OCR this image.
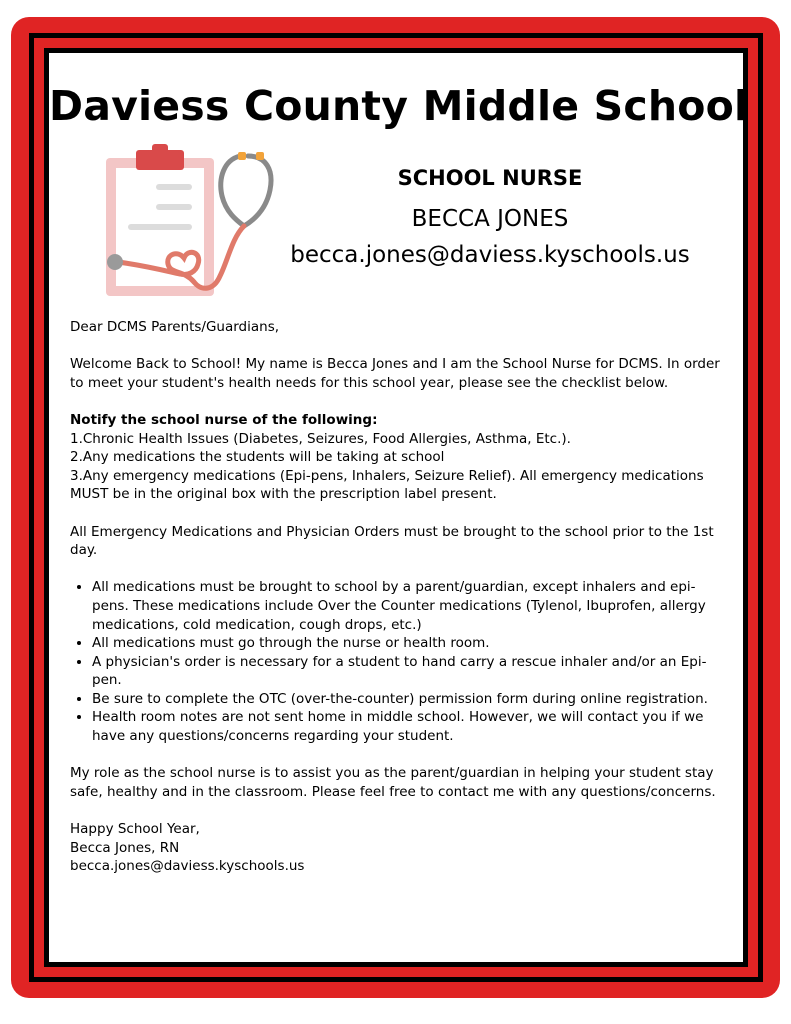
Daviess County Middle School
SCHOOL NURSE
BECCA JONES
becca.jones@daviess.kyschools.us

Dear DCMS Parents/Guardians,

Welcome Back to School! My name is Becca Jones and I am the School Nurse for DCMS. In order to meet your student's health needs for this school year, please see the checklist below.

Notify the school nurse of the following:

1.Chronic Health Issues (Diabetes, Seizures, Food Allergies, Asthma, Etc.).

2.Any medications the students will be taking at school

3.Any emergency medications (Epi-pens, Inhalers, Seizure Relief). All emergency medications MUST be in the original box with the prescription label present.

All Emergency Medications and Physician Orders must be brought to the school prior to the 1st day.

• All medications must be brought to school by a parent/guardian, except inhalers and epi-pens. These medications include Over the Counter medications (Tylenol, Ibuprofen, allergy medications, cold medication, cough drops, etc.)
• All medications must go through the nurse or health room.
• A physician's order is necessary for a student to hand carry a rescue inhaler and/or an Epi-pen.
• Be sure to complete the OTC (over-the-counter) permission form during online registration.
• Health room notes are not sent home in middle school. However, we will contact you if we have any questions/concerns regarding your student.

My role as the school nurse is to assist you as the parent/guardian in helping your student stay safe, healthy and in the classroom. Please feel free to contact me with any questions/concerns.

Happy School Year,

Becca Jones, RN

becca.jones@daviess.kyschools.us
